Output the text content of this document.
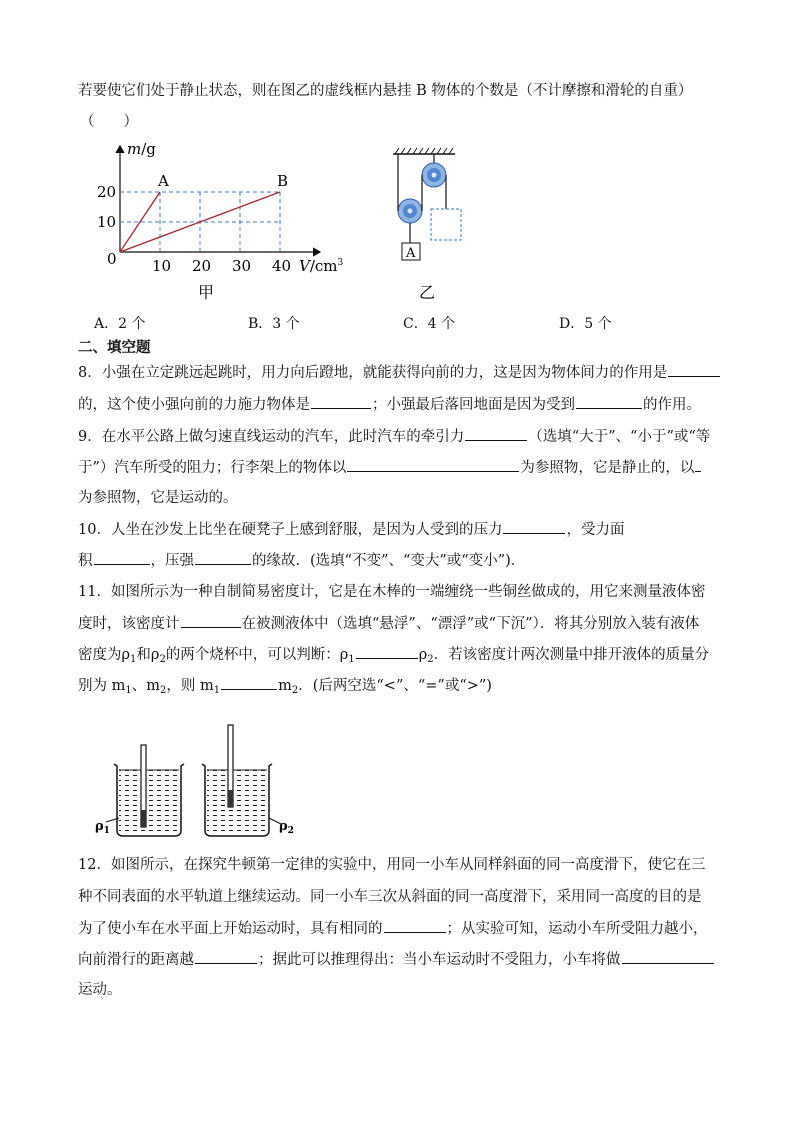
若要使它们处于静止状态，则在图乙的虚线框内悬挂 B 物体的个数是（不计摩擦和滑轮的自重）
（　　）
10 20 30 40
10
20
m/g
$V/cm^3$
0
A	B
甲
A
乙
A．2 个	B．3 个	C．4 个	D．5 个
二、填空题
8．小强在立定跳远起跳时，用力向后蹬地，就能获得向前的力，这是因为物体间力的作用是
的，这个使小强向前的力施力物体是	；小强最后落回地面是因为受到	的作用。
9．在水平公路上做匀速直线运动的汽车，此时汽车的牵引力	（选填“大于”、“小于”或“等
于”）汽车所受的阻力；行李架上的物体以	为参照物，它是静止的，以
为参照物，它是运动的。
10．人坐在沙发上比坐在硬凳子上感到舒服，是因为人受到的压力	，受力面
积	，压强	的缘故．(选填“不变”、“变大”或“变小”)．
11．如图所示为一种自制简易密度计，它是在木棒的一端缠绕一些铜丝做成的，用它来测量液体密
度时，该密度计	在被测液体中（选填“悬浮”、“漂浮”或“下沉”）．将其分别放入装有液体
密度为$\rho_1$和$\rho_2$的两个烧杯中，可以判断：$\rho_1$	$\rho_2$．若该密度计两次测量中排开液体的质量分
别为 $m_1$、$m_2$，则 $m_1$	$m_2$．(后两空选“<”、“=”或“>”)
$\rho_1$	$\rho_2$
12．如图所示，在探究牛顿第一定律的实验中，用同一小车从同样斜面的同一高度滑下，使它在三
种不同表面的水平轨道上继续运动。同一小车三次从斜面的同一高度滑下，采用同一高度的目的是
为了使小车在水平面上开始运动时，具有相同的	；从实验可知，运动小车所受阻力越小，
向前滑行的距离越	；据此可以推理得出：当小车运动时不受阻力，小车将做
运动。
